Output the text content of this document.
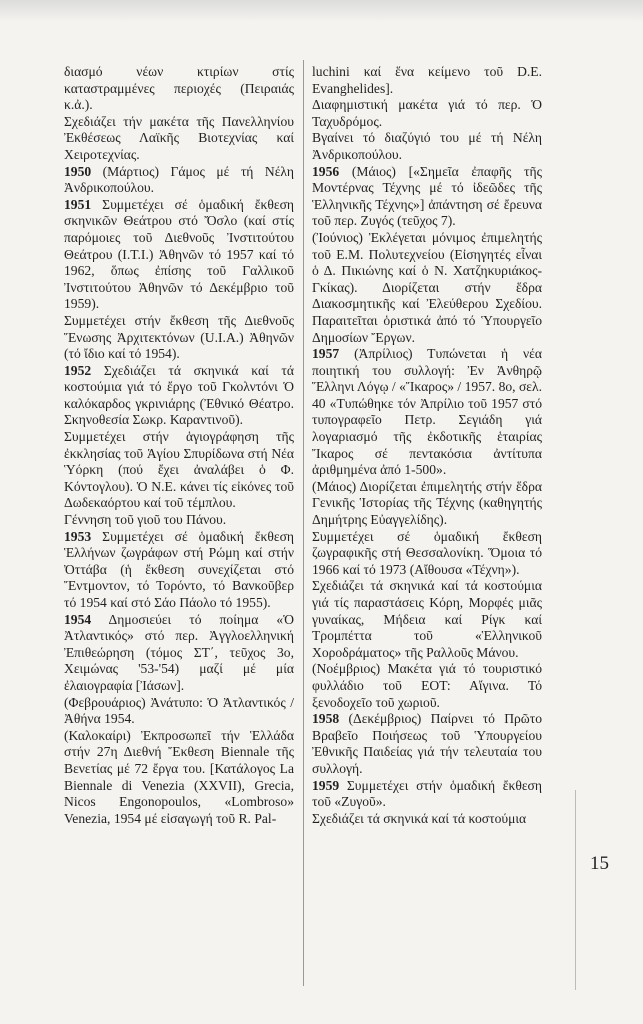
διασμό νέων κτιρίων στίς καταστραμμένες περιοχές (Πειραιάς κ.ἀ.).

Σχεδιάζει τήν μακέτα τῆς Πανελληνίου Ἐκθέσεως Λαϊκῆς Βιοτεχνίας καί Χειροτεχνίας.

1950 (Μάρτιος) Γάμος μέ τή Νέλη Ἀνδρικοπούλου.

1951 Συμμετέχει σέ ὁμαδική ἔκθεση σκηνικῶν Θεάτρου στό Ὄσλο (καί στίς παρόμοιες τοῦ Διεθνοῦς Ἰνστιτούτου Θεάτρου (I.T.I.) Ἀθηνῶν τό 1957 καί τό 1962, ὅπως ἐπίσης τοῦ Γαλλικοῦ Ἰνστιτούτου Ἀθηνῶν τό Δεκέμβριο τοῦ 1959).

Συμμετέχει στήν ἔκθεση τῆς Διεθνοῦς Ἕνωσης Ἀρχιτεκτόνων (U.I.A.) Ἀθηνῶν (τό ἴδιο καί τό 1954).

1952 Σχεδιάζει τά σκηνικά καί τά κοστούμια γιά τό ἔργο τοῦ Γκολντόνι Ὁ καλόκαρδος γκρινιάρης (Ἐθνικό Θέατρο. Σκηνοθεσία Σωκρ. Καραντινοῦ).

Συμμετέχει στήν ἁγιογράφηση τῆς ἐκκλησίας τοῦ Ἁγίου Σπυρίδωνα στή Νέα Ὑόρκη (πού ἔχει ἀναλάβει ὁ Φ. Κόντογλου). Ὁ Ν.Ε. κάνει τίς εἰκόνες τοῦ Δωδεκαόρτου καί τοῦ τέμπλου.

Γέννηση τοῦ γιοῦ του Πάνου.

1953 Συμμετέχει σέ ὁμαδική ἔκθεση Ἑλλήνων ζωγράφων στή Ρώμη καί στήν Ὀττάβα (ἡ ἔκθεση συνεχίζεται στό Ἔντμοντον, τό Τορόντο, τό Βανκοῦβερ τό 1954 καί στό Σάο Πάολο τό 1955).

1954 Δημοσιεύει τό ποίημα «Ὁ Ἀτλαντικός» στό περ. Ἀγγλοελληνική Ἐπιθεώρηση (τόμος ΣΤ΄, τεῦχος 3ο, Χειμώνας '53-'54) μαζί μέ μία ἐλαιογραφία [Ἰάσων].

(Φεβρουάριος) Ἀνάτυπο: Ὁ Ἀτλαντικός / Ἀθήνα 1954.

(Καλοκαίρι) Ἐκπροσωπεῖ τήν Ἑλλάδα στήν 27η Διεθνή Ἔκθεση Biennale τῆς Βενετίας μέ 72 ἔργα του. [Κατάλογος La Biennale di Venezia (XXVII), Grecia, Nicos Engonopoulos, «Lombroso» Venezia, 1954 μέ εἰσαγωγή τοῦ R. Pal-

luchini καί ἕνα κείμενο τοῦ D.E. Evanghelides].

Διαφημιστική μακέτα γιά τό περ. Ὁ Ταχυδρόμος.

Βγαίνει τό διαζύγιό του μέ τή Νέλη Ἀνδρικοπούλου.

1956 (Μάιος) [«Σημεῖα ἐπαφῆς τῆς Μοντέρνας Τέχνης μέ τό ἰδεῶδες τῆς Ἑλληνικῆς Τέχνης»] ἀπάντηση σέ ἔρευνα τοῦ περ. Ζυγός (τεῦχος 7).

(Ἰούνιος) Ἐκλέγεται μόνιμος ἐπιμελητής τοῦ Ε.Μ. Πολυτεχνείου (Εἰσηγητές εἶναι ὁ Δ. Πικιώνης καί ὁ Ν. Χατζηκυριάκος-Γκίκας). Διορίζεται στήν ἕδρα Διακοσμητικῆς καί Ἐλεύθερου Σχεδίου. Παραιτεῖται ὁριστικά ἀπό τό Ὑπουργεῖο Δημοσίων Ἔργων.

1957 (Ἀπρίλιος) Τυπώνεται ἡ νέα ποιητική του συλλογή: Ἐν Ἀνθηρῷ Ἕλληνι Λόγῳ / «Ἴκαρος» / 1957. 8ο, σελ. 40 «Τυπώθηκε τόν Ἀπρίλιο τοῦ 1957 στό τυπογραφεῖο Πετρ. Σεγιάδη γιά λογαριασμό τῆς ἐκδοτικῆς ἑταιρίας Ἴκαρος σέ πεντακόσια ἀντίτυπα ἀριθμημένα ἀπό 1-500».

(Μάιος) Διορίζεται ἐπιμελητής στήν ἕδρα Γενικῆς Ἱστορίας τῆς Τέχνης (καθηγητής Δημήτρης Εὐαγγελίδης).

Συμμετέχει σέ ὁμαδική ἔκθεση ζωγραφικῆς στή Θεσσαλονίκη. Ὅμοια τό 1966 καί τό 1973 (Αἴθουσα «Τέχνη»).

Σχεδιάζει τά σκηνικά καί τά κοστούμια γιά τίς παραστάσεις Κόρη, Μορφές μιᾶς γυναίκας, Μήδεια καί Ρίγκ καί Τρομπέττα τοῦ «Ἑλληνικοῦ Χοροδράματος» τῆς Ραλλοῦς Μάνου.

(Νοέμβριος) Μακέτα γιά τό τουριστικό φυλλάδιο τοῦ ΕΟΤ: Αἴγινα. Τό ξενοδοχεῖο τοῦ χωριοῦ.

1958 (Δεκέμβριος) Παίρνει τό Πρῶτο Βραβεῖο Ποιήσεως τοῦ Ὑπουργείου Ἐθνικῆς Παιδείας γιά τήν τελευταία του συλλογή.

1959 Συμμετέχει στήν ὁμαδική ἔκθεση τοῦ «Ζυγοῦ».

Σχεδιάζει τά σκηνικά καί τά κοστούμια

15
